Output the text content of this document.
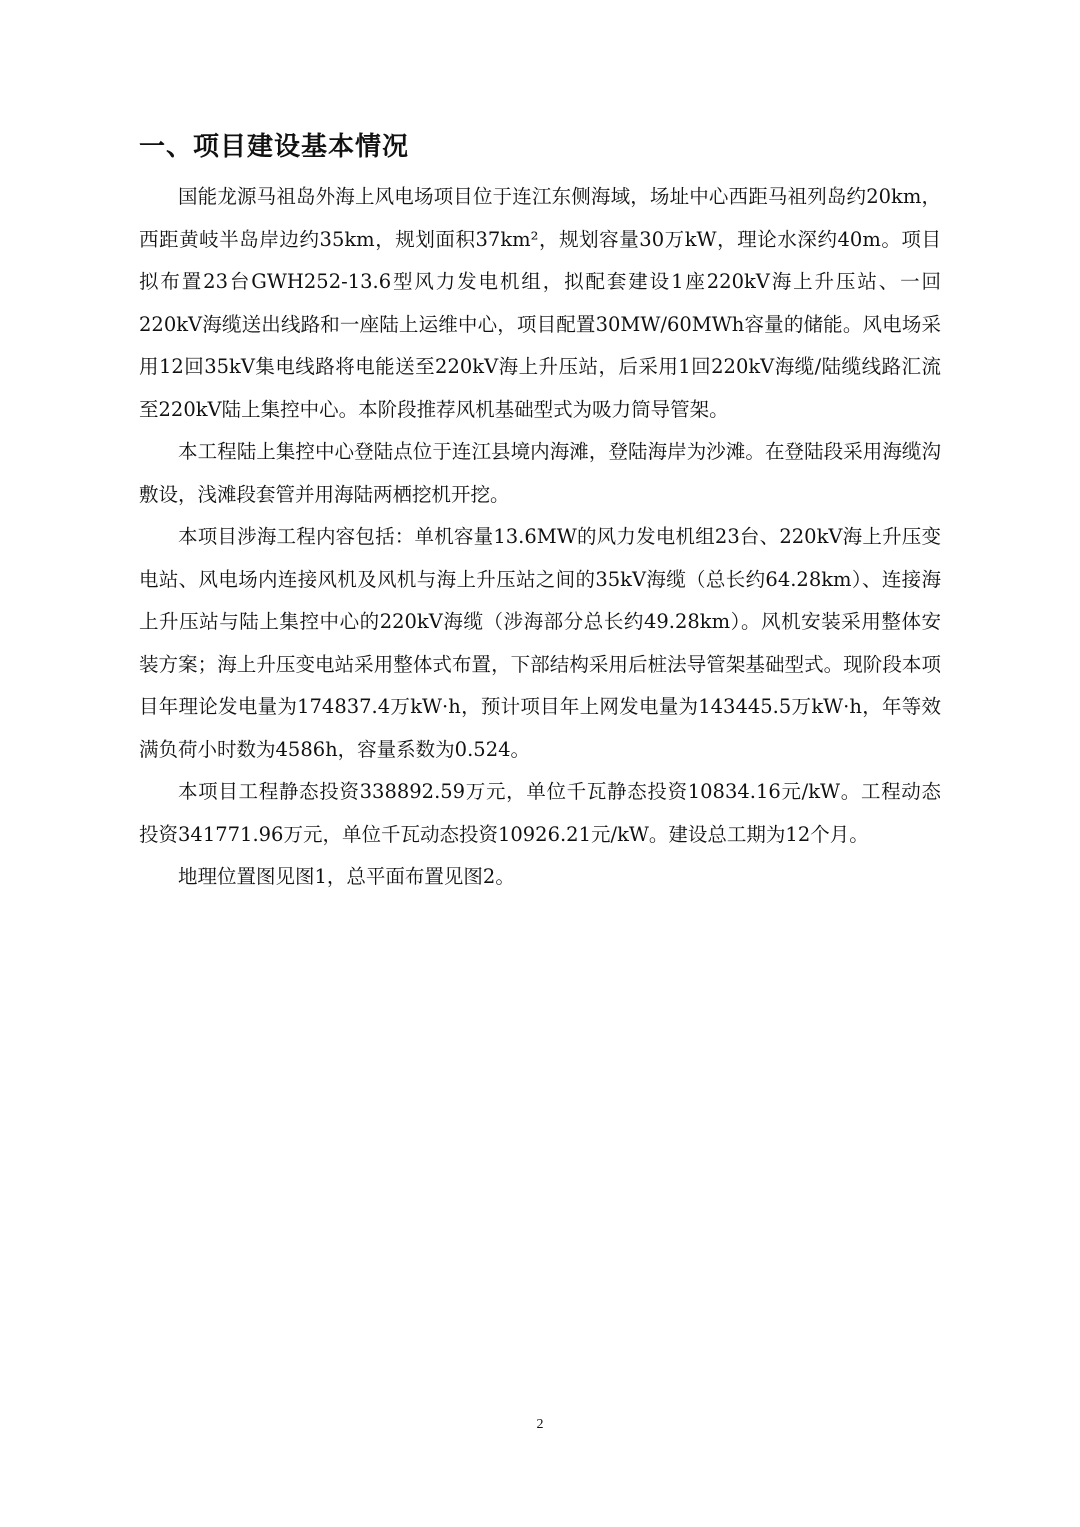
一、项目建设基本情况

国能龙源马祖岛外海上风电场项目位于连江东侧海域，场址中心西距马祖列岛约20km，西距黄岐半岛岸边约35km，规划面积37km²，规划容量30万kW，理论水深约40m。项目拟布置23台GWH252-13.6型风力发电机组，拟配套建设1座220kV海上升压站、一回220kV海缆送出线路和一座陆上运维中心，项目配置30MW/60MWh容量的储能。风电场采用12回35kV集电线路将电能送至220kV海上升压站，后采用1回220kV海缆/陆缆线路汇流至220kV陆上集控中心。本阶段推荐风机基础型式为吸力筒导管架。

本工程陆上集控中心登陆点位于连江县境内海滩，登陆海岸为沙滩。在登陆段采用海缆沟敷设，浅滩段套管并用海陆两栖挖机开挖。

本项目涉海工程内容包括：单机容量13.6MW的风力发电机组23台、220kV海上升压变电站、风电场内连接风机及风机与海上升压站之间的35kV海缆（总长约64.28km）、连接海上升压站与陆上集控中心的220kV海缆（涉海部分总长约49.28km）。风机安装采用整体安装方案；海上升压变电站采用整体式布置，下部结构采用后桩法导管架基础型式。现阶段本项目年理论发电量为174837.4万kW·h，预计项目年上网发电量为143445.5万kW·h，年等效满负荷小时数为4586h，容量系数为0.524。

本项目工程静态投资338892.59万元，单位千瓦静态投资10834.16元/kW。工程动态投资341771.96万元，单位千瓦动态投资10926.21元/kW。建设总工期为12个月。

地理位置图见图1，总平面布置见图2。

2
